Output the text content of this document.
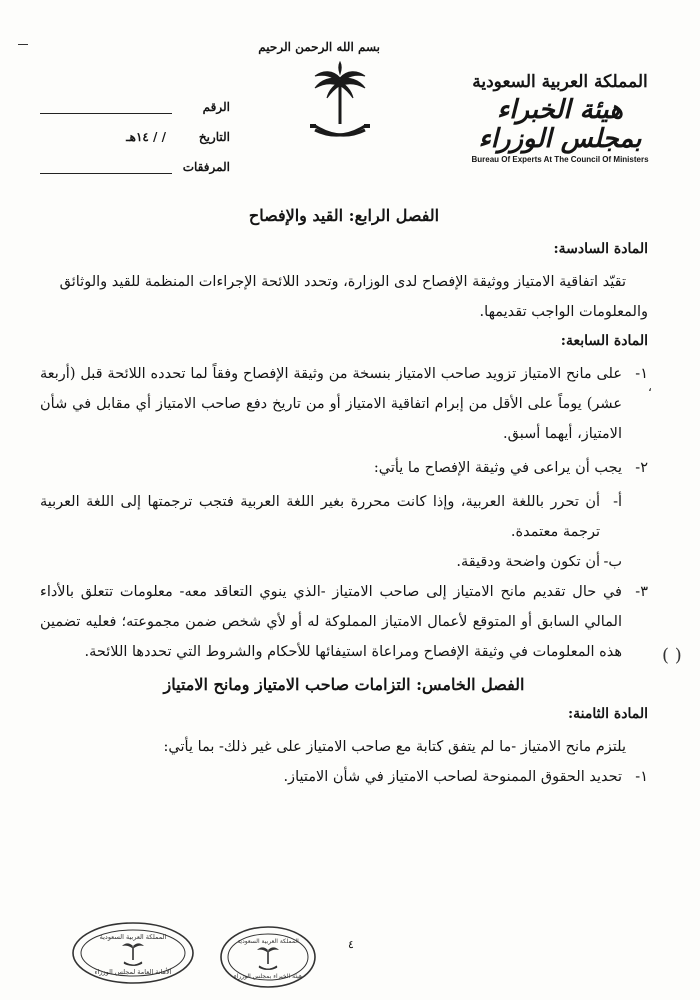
المملكة العربية السعودية
هيئة الخبراء بمجلس الوزراء
Bureau Of Experts At The Council Of Ministers
بسم الله الرحمن الرحيم
الرقم
التاريخ
/ / ١٤هـ
المرفقات
،
( )
الفصل الرابع: القيد والإفصاح
المادة السادسة:

تقيّد اتفاقية الامتياز ووثيقة الإفصاح لدى الوزارة، وتحدد اللائحة الإجراءات المنظمة للقيد والوثائق والمعلومات الواجب تقديمها.

المادة السابعة:
١-
على مانح الامتياز تزويد صاحب الامتياز بنسخة من وثيقة الإفصاح وفقاً لما تحدده اللائحة قبل (أربعة عشر) يوماً على الأقل من إبرام اتفاقية الامتياز أو من تاريخ دفع صاحب الامتياز أي مقابل في شأن الامتياز، أيهما أسبق.
٢-
يجب أن يراعى في وثيقة الإفصاح ما يأتي:
أ-
أن تحرر باللغة العربية، وإذا كانت محررة بغير اللغة العربية فتجب ترجمتها إلى اللغة العربية ترجمة معتمدة.
ب-
أن تكون واضحة ودقيقة.
٣-
في حال تقديم مانح الامتياز إلى صاحب الامتياز -الذي ينوي التعاقد معه- معلومات تتعلق بالأداء المالي السابق أو المتوقع لأعمال الامتياز المملوكة له أو لأي شخص ضمن مجموعته؛ فعليه تضمين هذه المعلومات في وثيقة الإفصاح ومراعاة استيفائها للأحكام والشروط التي تحددها اللائحة.
الفصل الخامس: التزامات صاحب الامتياز ومانح الامتياز
المادة الثامنة:

يلتزم مانح الامتياز -ما لم يتفق كتابة مع صاحب الامتياز على غير ذلك- بما يأتي:

١-
تحديد الحقوق الممنوحة لصاحب الامتياز في شأن الامتياز.
٤
المملكة العربية السعودية
الأمانة العامة لمجلس الوزراء
المملكة العربية السعودية
هيئة الخبراء بمجلس الوزراء
